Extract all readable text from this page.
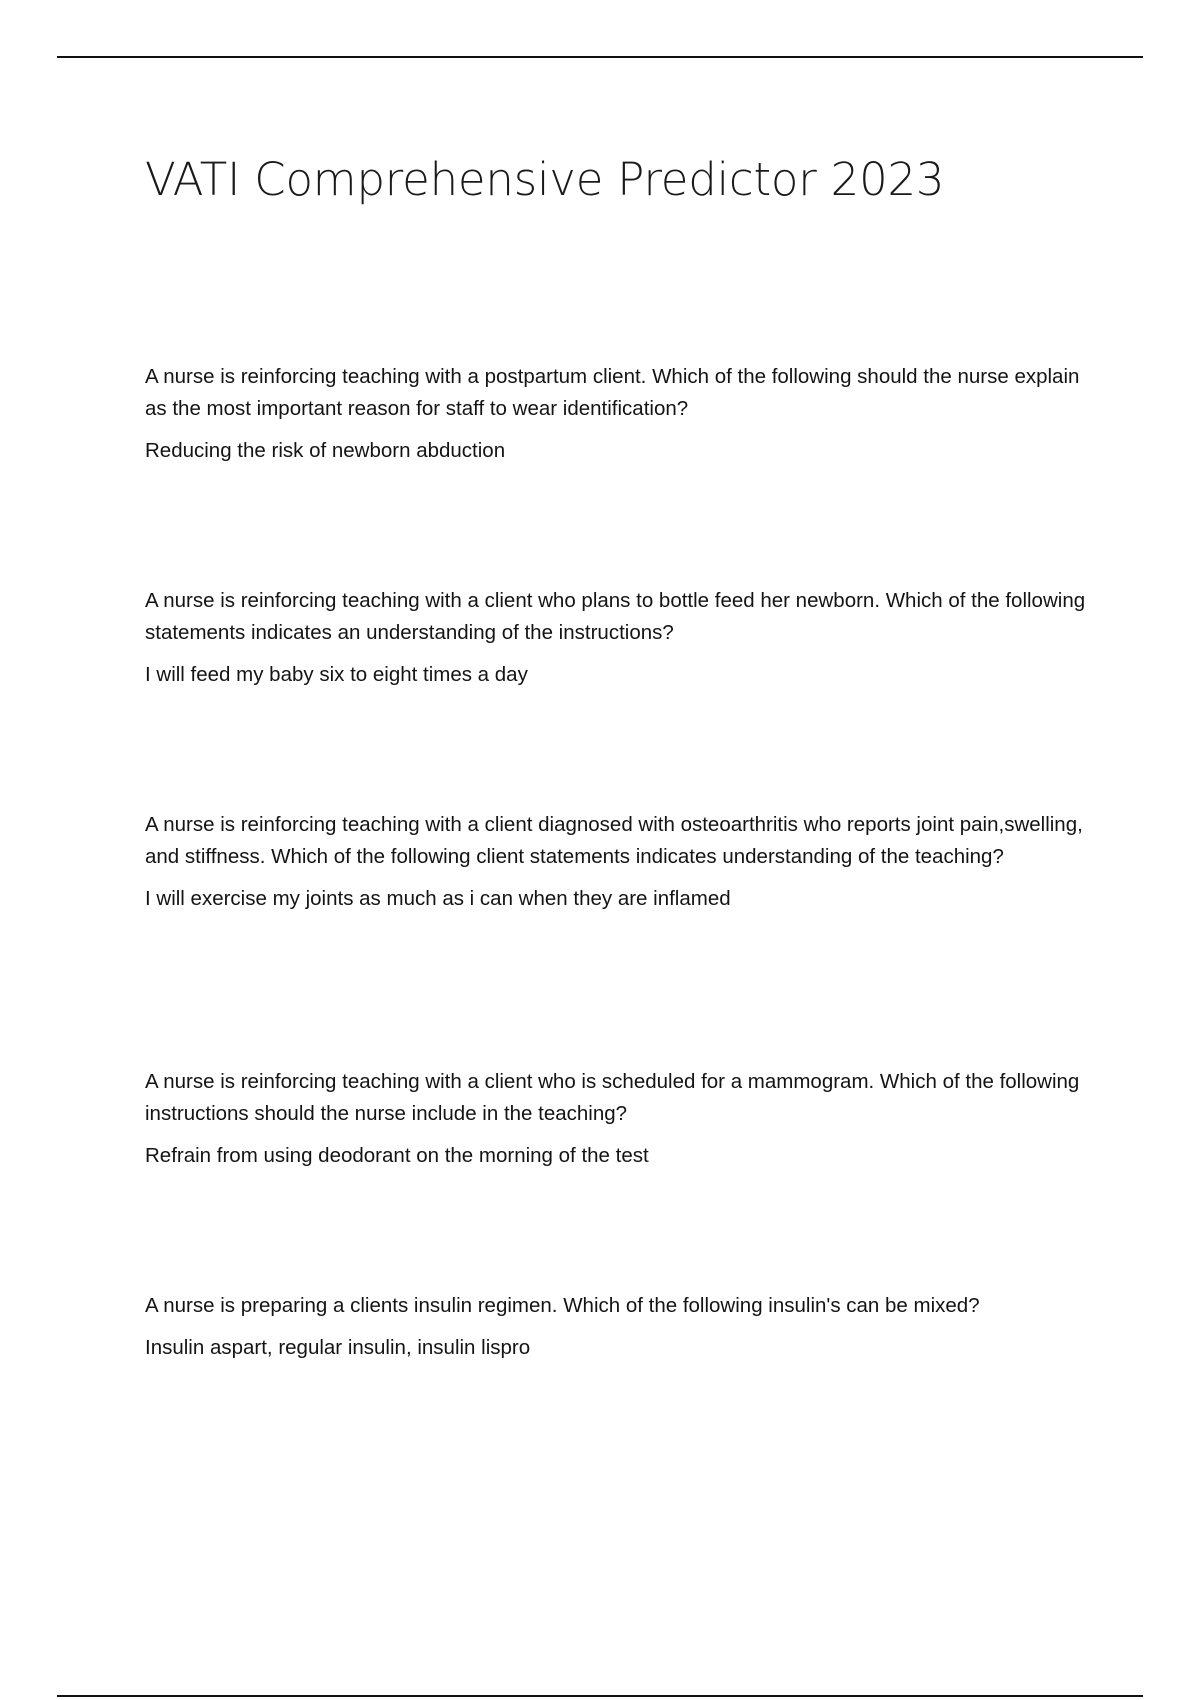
VATI Comprehensive Predictor 2023

A nurse is reinforcing teaching with a postpartum client. Which of the following should the nurse explain as the most important reason for staff to wear identification?

Reducing the risk of newborn abduction

A nurse is reinforcing teaching with a client who plans to bottle feed her newborn. Which of the following statements indicates an understanding of the instructions?

I will feed my baby six to eight times a day

A nurse is reinforcing teaching with a client diagnosed with osteoarthritis who reports joint pain,swelling, and stiffness. Which of the following client statements indicates understanding of the teaching?

I will exercise my joints as much as i can when they are inflamed

A nurse is reinforcing teaching with a client who is scheduled for a mammogram. Which of the following instructions should the nurse include in the teaching?

Refrain from using deodorant on the morning of the test

A nurse is preparing a clients insulin regimen. Which of the following insulin's can be mixed?

Insulin aspart, regular insulin, insulin lispro
